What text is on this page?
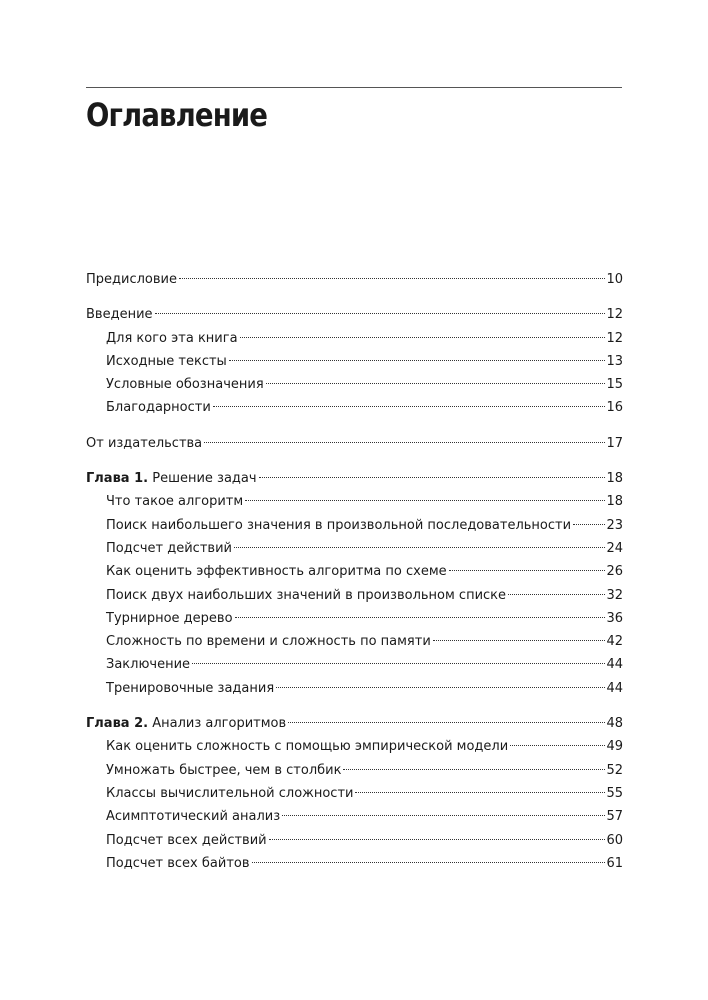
Оглавление
Предисловие	10
Введение	12
Для кого эта книга	12
Исходные тексты	13
Условные обозначения	15
Благодарности	16
От издательства	17
Глава 1. Решение задач	18
Что такое алгоритм	18
Поиск наибольшего значения в произвольной последовательности	23
Подсчет действий	24
Как оценить эффективность алгоритма по схеме	26
Поиск двух наибольших значений в произвольном списке	32
Турнирное дерево	36
Сложность по времени и сложность по памяти	42
Заключение	44
Тренировочные задания	44
Глава 2. Анализ алгоритмов	48
Как оценить сложность с помощью эмпирической модели	49
Умножать быстрее, чем в столбик	52
Классы вычислительной сложности	55
Асимптотический анализ	57
Подсчет всех действий	60
Подсчет всех байтов	61
